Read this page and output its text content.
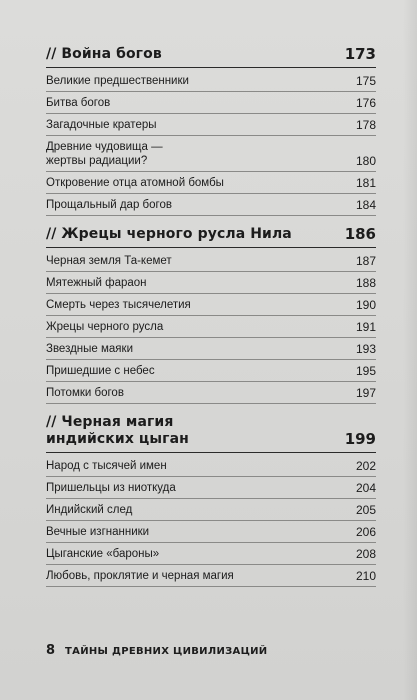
// Война богов	173
Великие предшественники	175
Битва богов	176
Загадочные кратеры	178
Древние чудовища —
жертвы радиации?	180
Откровение отца атомной бомбы	181
Прощальный дар богов	184
// Жрецы черного русла Нила	186
Черная земля Та-кемет	187
Мятежный фараон	188
Смерть через тысячелетия	190
Жрецы черного русла	191
Звездные маяки	193
Пришедшие с небес	195
Потомки богов	197
// Черная магия
индийских цыган	199
Народ с тысячей имен	202
Пришельцы из ниоткуда	204
Индийский след	205
Вечные изгнанники	206
Цыганские «бароны»	208
Любовь, проклятие и черная магия	210
8 ТАЙНЫ ДРЕВНИХ ЦИВИЛИЗАЦИЙ
